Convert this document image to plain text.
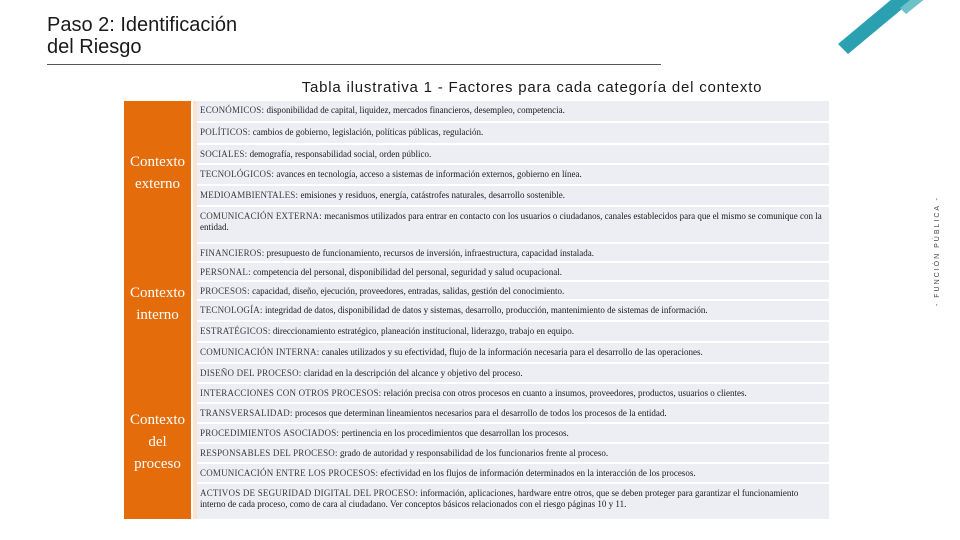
Paso 2: Identificación
del Riesgo
- FUNCIÓN PÚBLICA -
Tabla ilustrativa 1 - Factores para cada categoría del contexto
Contexto
externo
Contexto
interno
Contexto
del
proceso
ECONÓMICOS: disponibilidad de capital, liquidez, mercados financieros, desempleo, competencia.
POLÍTICOS: cambios de gobierno, legislación, políticas públicas, regulación.
SOCIALES: demografía, responsabilidad social, orden público.
TECNOLÓGICOS: avances en tecnología, acceso a sistemas de información externos, gobierno en línea.
MEDIOAMBIENTALES: emisiones y residuos, energía, catástrofes naturales, desarrollo sostenible.
COMUNICACIÓN EXTERNA: mecanismos utilizados para entrar en contacto con los usuarios o ciudadanos, canales establecidos para que el mismo se comunique con la entidad.
FINANCIEROS: presupuesto de funcionamiento, recursos de inversión, infraestructura, capacidad instalada.
PERSONAL: competencia del personal, disponibilidad del personal, seguridad y salud ocupacional.
PROCESOS: capacidad, diseño, ejecución, proveedores, entradas, salidas, gestión del conocimiento.
TECNOLOGÍA: integridad de datos, disponibilidad de datos y sistemas, desarrollo, producción, mantenimiento de sistemas de información.
ESTRATÉGICOS: direccionamiento estratégico, planeación institucional, liderazgo, trabajo en equipo.
COMUNICACIÓN INTERNA: canales utilizados y su efectividad, flujo de la información necesaria para el desarrollo de las operaciones.
DISEÑO DEL PROCESO: claridad en la descripción del alcance y objetivo del proceso.
INTERACCIONES CON OTROS PROCESOS: relación precisa con otros procesos en cuanto a insumos, proveedores, productos, usuarios o clientes.
TRANSVERSALIDAD: procesos que determinan lineamientos necesarios para el desarrollo de todos los procesos de la entidad.
PROCEDIMIENTOS ASOCIADOS: pertinencia en los procedimientos que desarrollan los procesos.
RESPONSABLES DEL PROCESO: grado de autoridad y responsabilidad de los funcionarios frente al proceso.
COMUNICACIÓN ENTRE LOS PROCESOS: efectividad en los flujos de información determinados en la interacción de los procesos.
ACTIVOS DE SEGURIDAD DIGITAL DEL PROCESO: información, aplicaciones, hardware entre otros, que se deben proteger para garantizar el funcionamiento interno de cada proceso, como de cara al ciudadano. Ver conceptos básicos relacionados con el riesgo páginas 10 y 11.
